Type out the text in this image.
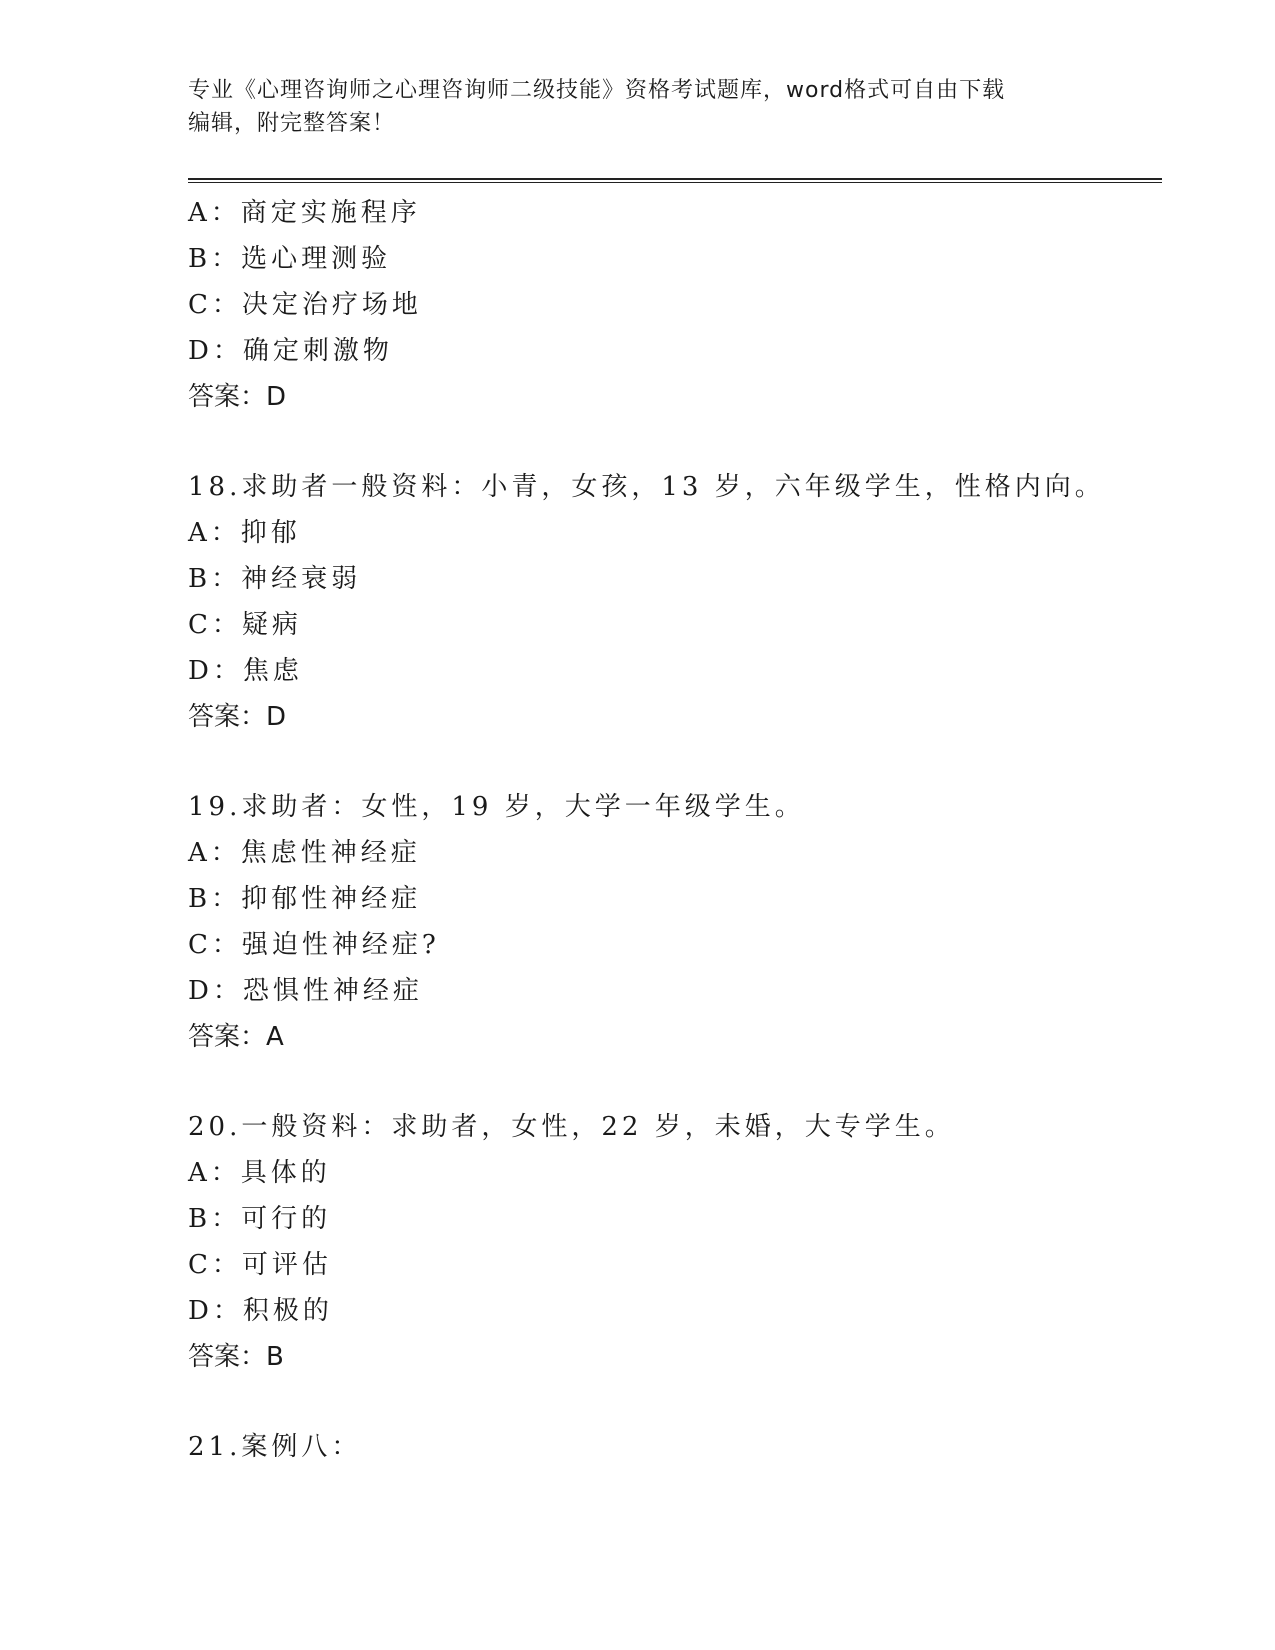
专业《心理咨询师之心理咨询师二级技能》资格考试题库，word格式可自由下载
编辑，附完整答案！
A：商定实施程序
B：选心理测验
C：决定治疗场地
D：确定刺激物
答案：D
18.求助者一般资料：小青，女孩，13 岁，六年级学生，性格内向。
A：抑郁
B：神经衰弱
C：疑病
D：焦虑
答案：D
19.求助者：女性，19 岁，大学一年级学生。
A：焦虑性神经症
B：抑郁性神经症
C：强迫性神经症?
D：恐惧性神经症
答案：A
20.一般资料：求助者，女性，22 岁，未婚，大专学生。
A：具体的
B：可行的
C：可评估
D：积极的
答案：B
21.案例八：
